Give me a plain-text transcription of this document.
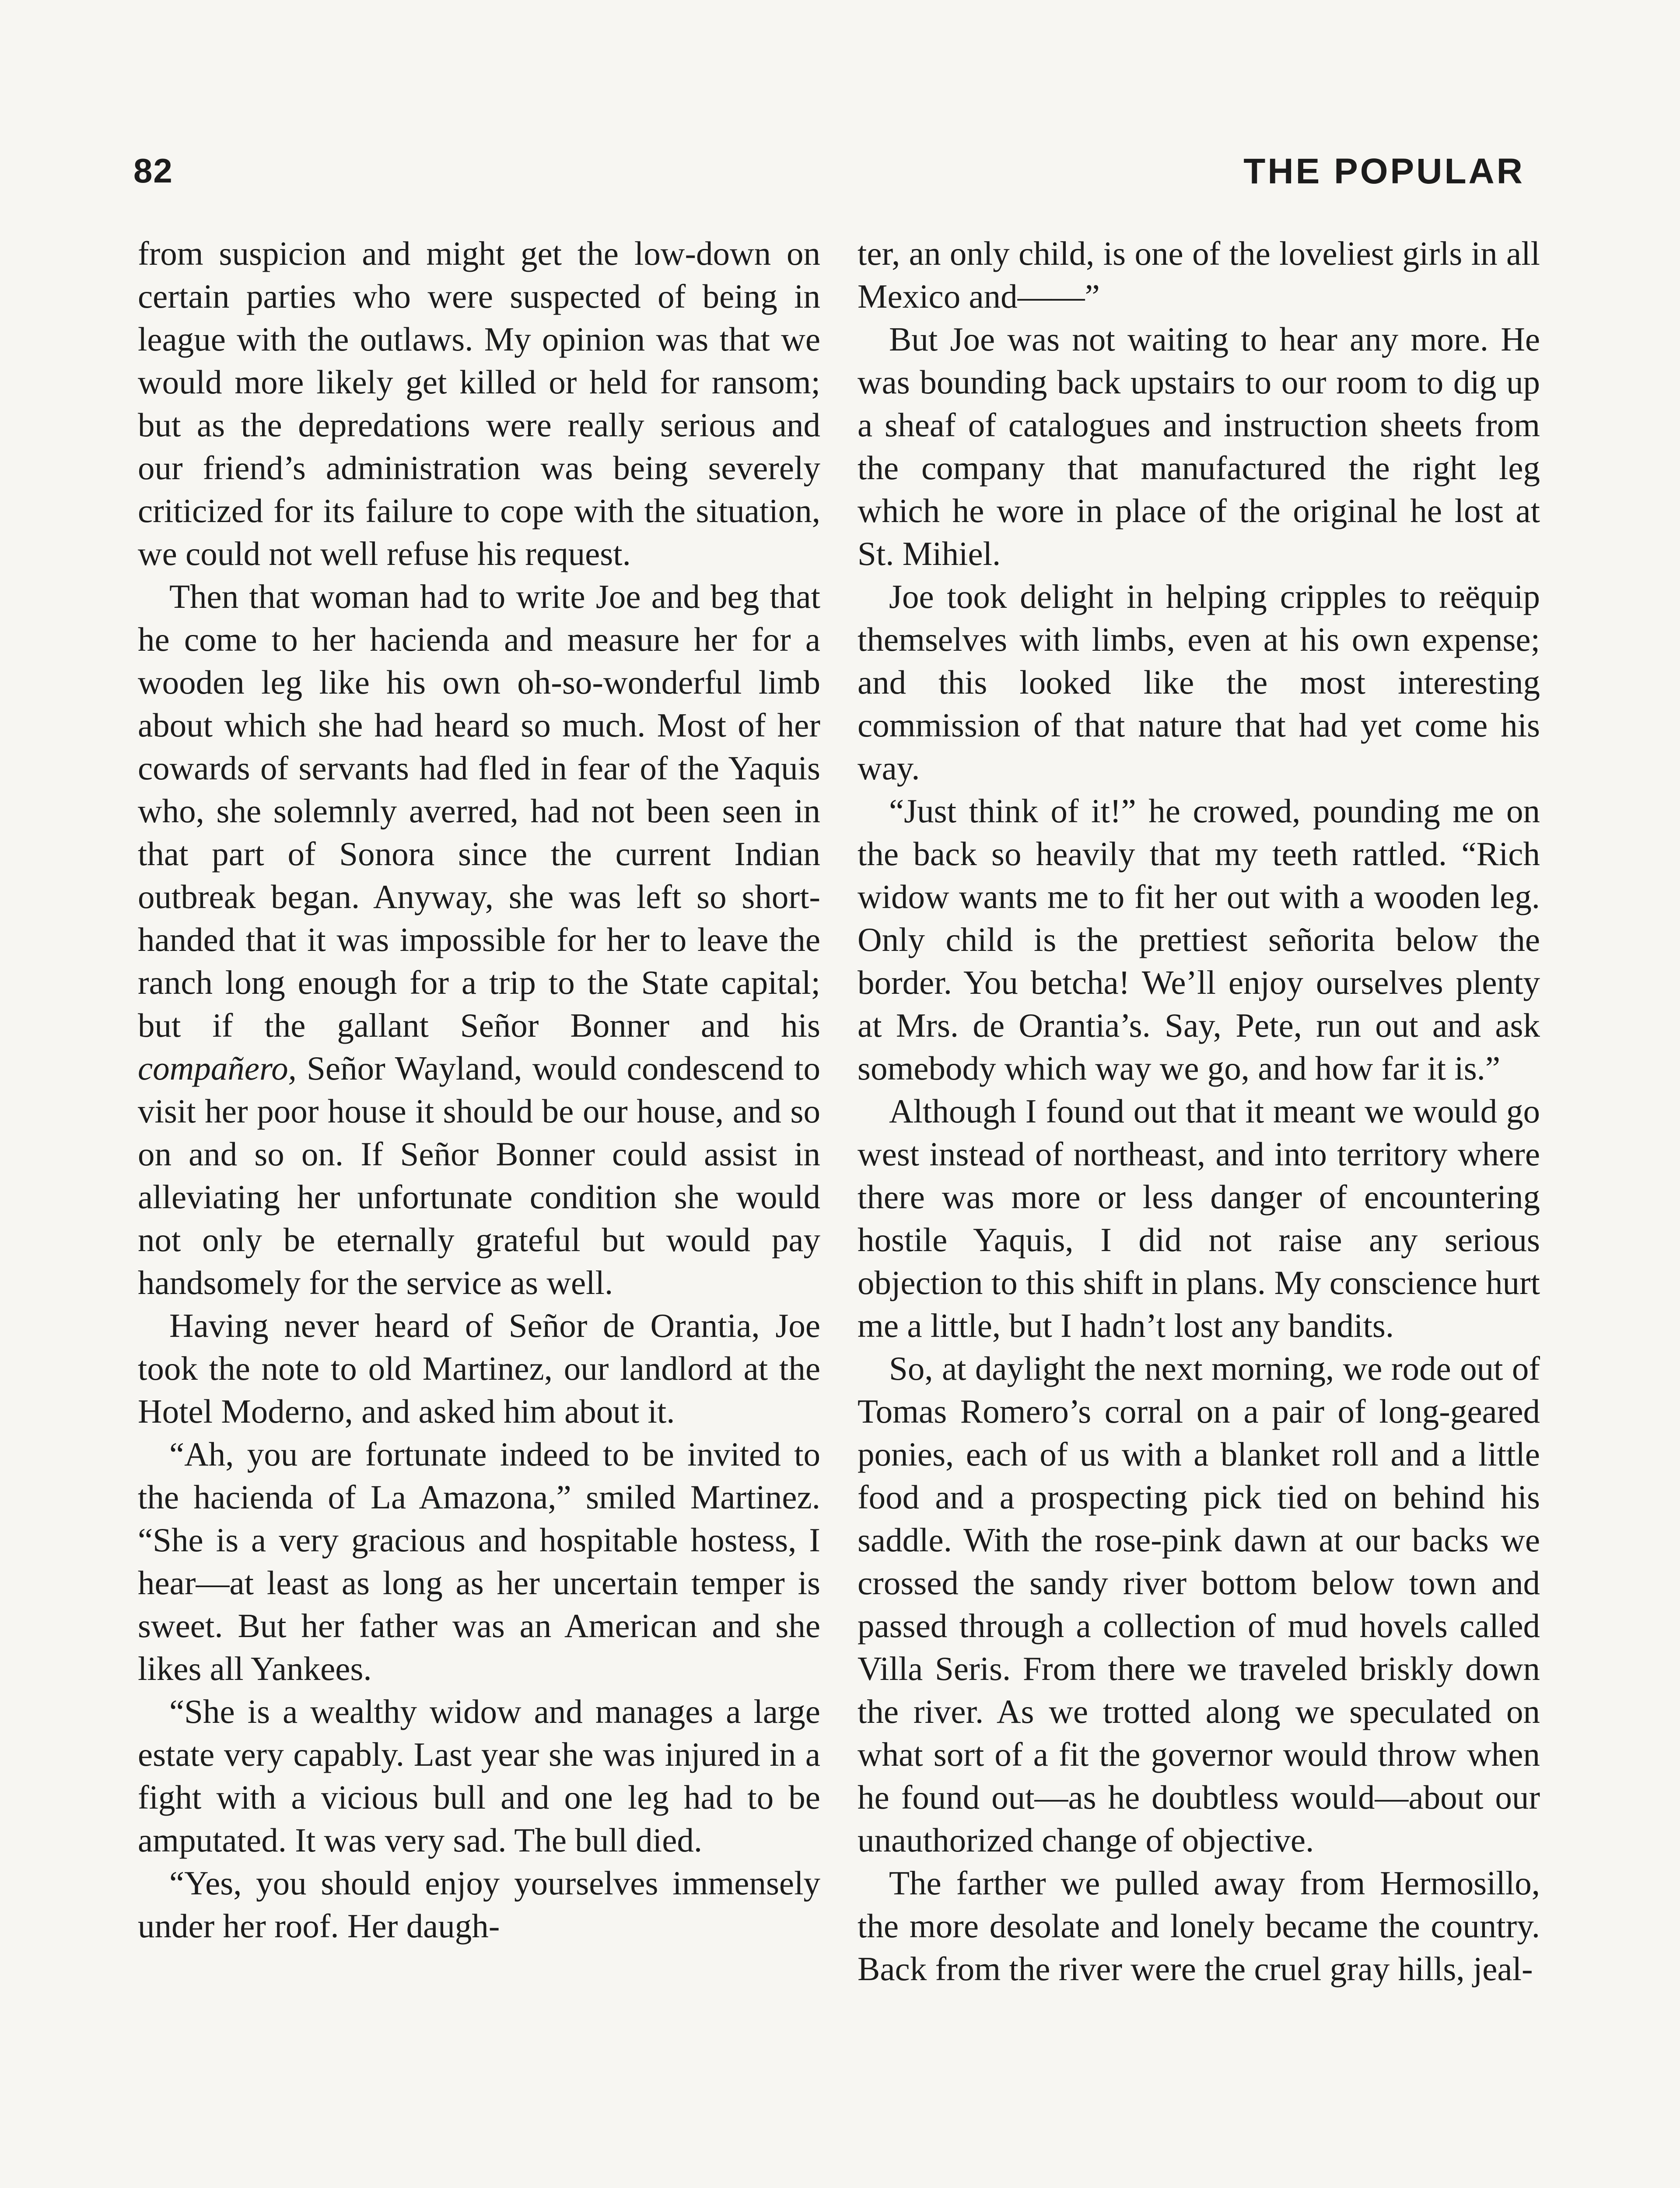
82	THE POPULAR

from suspicion and might get the low-down on certain parties who were suspected of being in league with the outlaws. My opinion was that we would more likely get killed or held for ransom; but as the depredations were really serious and our friend’s administration was being severely criticized for its failure to cope with the situation, we could not well refuse his request.

Then that woman had to write Joe and beg that he come to her hacienda and measure her for a wooden leg like his own oh-so-wonderful limb about which she had heard so much. Most of her cowards of servants had fled in fear of the Yaquis who, she solemnly averred, had not been seen in that part of Sonora since the current Indian outbreak began. Anyway, she was left so short-handed that it was impossible for her to leave the ranch long enough for a trip to the State capital; but if the gallant Señor Bonner and his compañero, Señor Wayland, would condescend to visit her poor house it should be our house, and so on and so on. If Señor Bonner could assist in alleviating her unfortunate condition she would not only be eternally grateful but would pay handsomely for the service as well.

Having never heard of Señor de Orantia, Joe took the note to old Martinez, our landlord at the Hotel Moderno, and asked him about it.

“Ah, you are fortunate indeed to be invited to the hacienda of La Amazona,” smiled Martinez. “She is a very gracious and hospitable hostess, I hear—at least as long as her uncertain temper is sweet. But her father was an American and she likes all Yankees.

“She is a wealthy widow and manages a large estate very capably. Last year she was injured in a fight with a vicious bull and one leg had to be amputated. It was very sad. The bull died.

“Yes, you should enjoy yourselves immensely under her roof. Her daugh-

ter, an only child, is one of the loveliest girls in all Mexico and——”

But Joe was not waiting to hear any more. He was bounding back upstairs to our room to dig up a sheaf of catalogues and instruction sheets from the company that manufactured the right leg which he wore in place of the original he lost at St. Mihiel.

Joe took delight in helping cripples to reëquip themselves with limbs, even at his own expense; and this looked like the most interesting commission of that nature that had yet come his way.

“Just think of it!” he crowed, pounding me on the back so heavily that my teeth rattled. “Rich widow wants me to fit her out with a wooden leg. Only child is the prettiest señorita below the border. You betcha! We’ll enjoy ourselves plenty at Mrs. de Orantia’s. Say, Pete, run out and ask somebody which way we go, and how far it is.”

Although I found out that it meant we would go west instead of northeast, and into territory where there was more or less danger of encountering hostile Yaquis, I did not raise any serious objection to this shift in plans. My conscience hurt me a little, but I hadn’t lost any bandits.

So, at daylight the next morning, we rode out of Tomas Romero’s corral on a pair of long-geared ponies, each of us with a blanket roll and a little food and a prospecting pick tied on behind his saddle. With the rose-pink dawn at our backs we crossed the sandy river bottom below town and passed through a collection of mud hovels called Villa Seris. From there we traveled briskly down the river. As we trotted along we speculated on what sort of a fit the governor would throw when he found out—as he doubtless would—about our unauthorized change of objective.

The farther we pulled away from Hermosillo, the more desolate and lonely became the country. Back from the river were the cruel gray hills, jeal-
